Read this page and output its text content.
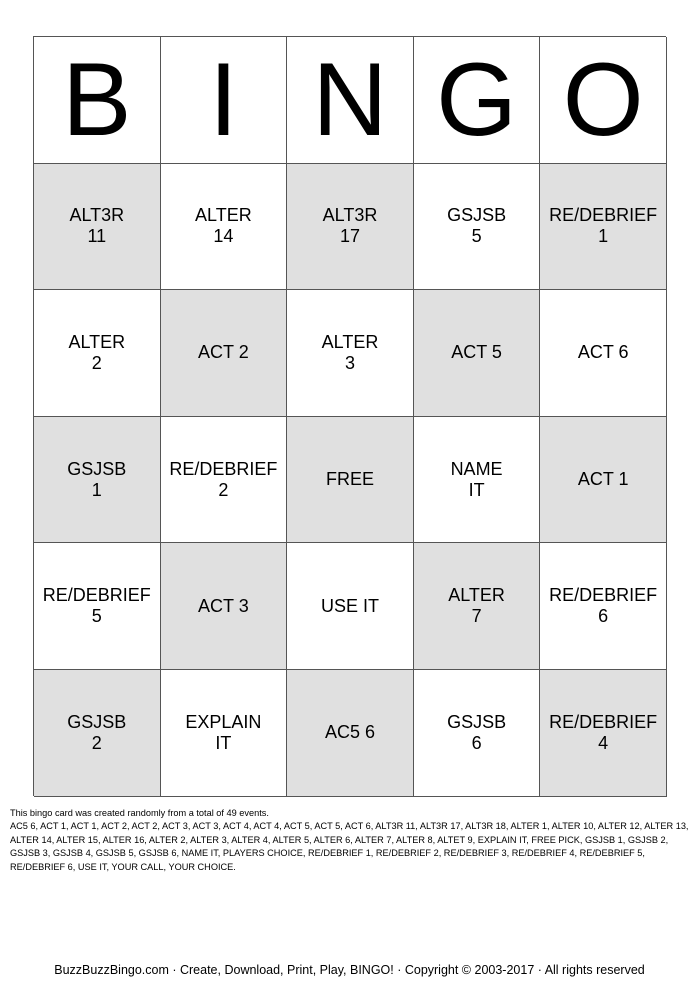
B I N G O
ALT3R
11
ALTER
14
ALT3R
17
GSJSB
5
RE/DEBRIEF
1
ALTER
2
ACT 2
ALTER
3
ACT 5	ACT 6
GSJSB
1
RE/DEBRIEF
2
FREE
NAME
IT
ACT 1
RE/DEBRIEF
5
ACT 3	USE IT
ALTER
7
RE/DEBRIEF
6
GSJSB
2
EXPLAIN
IT
AC5 6
GSJSB
6
RE/DEBRIEF
4
This bingo card was created randomly from a total of 49 events.
AC5 6, ACT 1, ACT 1, ACT 2, ACT 2, ACT 3, ACT 3, ACT 4, ACT 4, ACT 5, ACT 5, ACT 6, ALT3R 11, ALT3R 17, ALT3R 18, ALTER 1, ALTER 10, ALTER 12, ALTER 13, ALTER 14, ALTER 15, ALTER 16, ALTER 2, ALTER 3, ALTER 4, ALTER 5, ALTER 6, ALTER 7, ALTER 8, ALTET 9, EXPLAIN IT, FREE PICK, GSJSB 1, GSJSB 2, GSJSB 3, GSJSB 4, GSJSB 5, GSJSB 6, NAME IT, PLAYERS CHOICE, RE/DEBRIEF 1, RE/DEBRIEF 2, RE/DEBRIEF 3, RE/DEBRIEF 4, RE/DEBRIEF 5, RE/DEBRIEF 6, USE IT, YOUR CALL, YOUR CHOICE.
BuzzBuzzBingo.com · Create, Download, Print, Play, BINGO! · Copyright © 2003-2017 · All rights reserved
